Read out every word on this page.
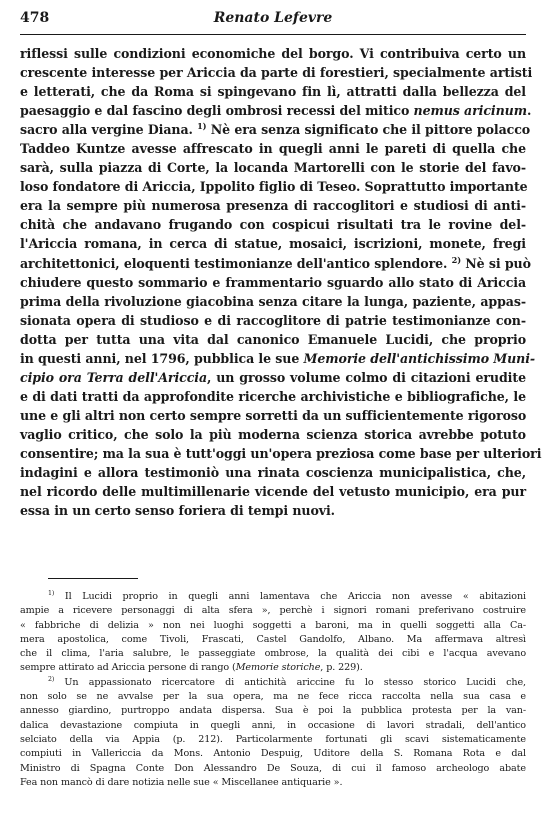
478	Renato Lefevre
riflessi sulle condizioni economiche del borgo. Vi contribuiva certo un
crescente interesse per Ariccia da parte di forestieri, specialmente artisti
e letterati, che da Roma si spingevano fin lì, attratti dalla bellezza del
paesaggio e dal fascino degli ombrosi recessi del mitico nemus aricinum.
sacro alla vergine Diana. $^{1)}$ Nè era senza significato che il pittore polacco
Taddeo Kuntze avesse affrescato in quegli anni le pareti di quella che
sarà, sulla piazza di Corte, la locanda Martorelli con le storie del favo-
loso fondatore di Ariccia, Ippolito figlio di Teseo. Soprattutto importante
era la sempre più numerosa presenza di raccoglitori e studiosi di anti-
chità che andavano frugando con cospicui risultati tra le rovine del-
l'Ariccia romana, in cerca di statue, mosaici, iscrizioni, monete, fregi
architettonici, eloquenti testimonianze dell'antico splendore. $^{2)}$ Nè si può
chiudere questo sommario e frammentario sguardo allo stato di Ariccia
prima della rivoluzione giacobina senza citare la lunga, paziente, appas-
sionata opera di studioso e di raccoglitore di patrie testimonianze con-
dotta per tutta una vita dal canonico Emanuele Lucidi, che proprio
in questi anni, nel 1796, pubblica le sue Memorie dell'antichissimo Muni-
cipio ora Terra dell'Ariccia, un grosso volume colmo di citazioni erudite
e di dati tratti da approfondite ricerche archivistiche e bibliografiche, le
une e gli altri non certo sempre sorretti da un sufficientemente rigoroso
vaglio critico, che solo la più moderna scienza storica avrebbe potuto
consentire; ma la sua è tutt'oggi un'opera preziosa come base per ulteriori
indagini e allora testimoniò una rinata coscienza municipalistica, che,
nel ricordo delle multimillenarie vicende del vetusto municipio, era pur
essa in un certo senso foriera di tempi nuovi.
$^{1)}$ Il Lucidi proprio in quegli anni lamentava che Ariccia non avesse « abitazioni
ampie a ricevere personaggi di alta sfera », perchè i signori romani preferivano costruire
« fabbriche di delizia » non nei luoghi soggetti a baroni, ma in quelli soggetti alla Ca-
mera apostolica, come Tivoli, Frascati, Castel Gandolfo, Albano. Ma affermava altresì
che il clima, l'aria salubre, le passeggiate ombrose, la qualità dei cibi e l'acqua avevano
sempre attirato ad Ariccia persone di rango (Memorie storiche, p. 229).
$^{2)}$ Un appassionato ricercatore di antichità ariccine fu lo stesso storico Lucidi che,
non solo se ne avvalse per la sua opera, ma ne fece ricca raccolta nella sua casa e
annesso giardino, purtroppo andata dispersa. Sua è poi la pubblica protesta per la van-
dalica devastazione compiuta in quegli anni, in occasione di lavori stradali, dell'antico
selciato della via Appia (p. 212). Particolarmente fortunati gli scavi sistematicamente
compiuti in Vallericcia da Mons. Antonio Despuig, Uditore della S. Romana Rota e dal
Ministro di Spagna Conte Don Alessandro De Souza, di cui il famoso archeologo abate
Fea non mancò di dare notizia nelle sue « Miscellanee antiquarie ».
